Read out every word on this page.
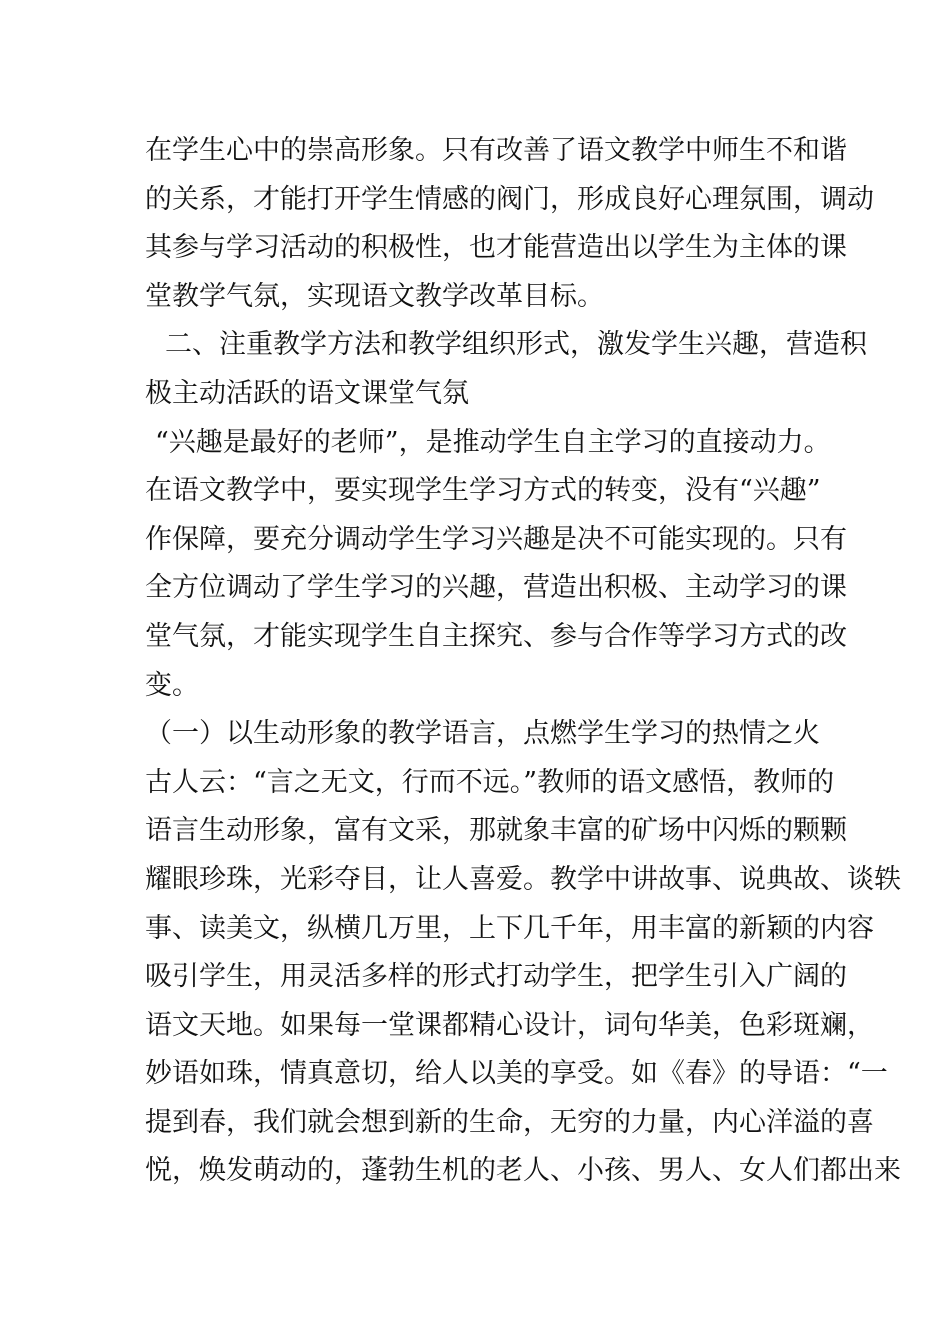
在学生心中的崇高形象。只有改善了语文教学中师生不和谐
的关系，才能打开学生情感的阀门，形成良好心理氛围，调动
其参与学习活动的积极性，也才能营造出以学生为主体的课
堂教学气氛，实现语文教学改革目标。
二、注重教学方法和教学组织形式，激发学生兴趣，营造积
极主动活跃的语文课堂气氛
“兴趣是最好的老师”，是推动学生自主学习的直接动力。
在语文教学中，要实现学生学习方式的转变，没有“兴趣”
作保障，要充分调动学生学习兴趣是决不可能实现的。只有
全方位调动了学生学习的兴趣，营造出积极、主动学习的课
堂气氛，才能实现学生自主探究、参与合作等学习方式的改
变。
（一）以生动形象的教学语言，点燃学生学习的热情之火
古人云：“言之无文，行而不远。”教师的语文感悟，教师的
语言生动形象，富有文采，那就象丰富的矿场中闪烁的颗颗
耀眼珍珠，光彩夺目，让人喜爱。教学中讲故事、说典故、谈轶
事、读美文，纵横几万里，上下几千年，用丰富的新颖的内容
吸引学生，用灵活多样的形式打动学生，把学生引入广阔的
语文天地。如果每一堂课都精心设计，词句华美，色彩斑斓，
妙语如珠，情真意切，给人以美的享受。如《春》的导语：“一
提到春，我们就会想到新的生命，无穷的力量，内心洋溢的喜
悦，焕发萌动的，蓬勃生机的老人、小孩、男人、女人们都出来
